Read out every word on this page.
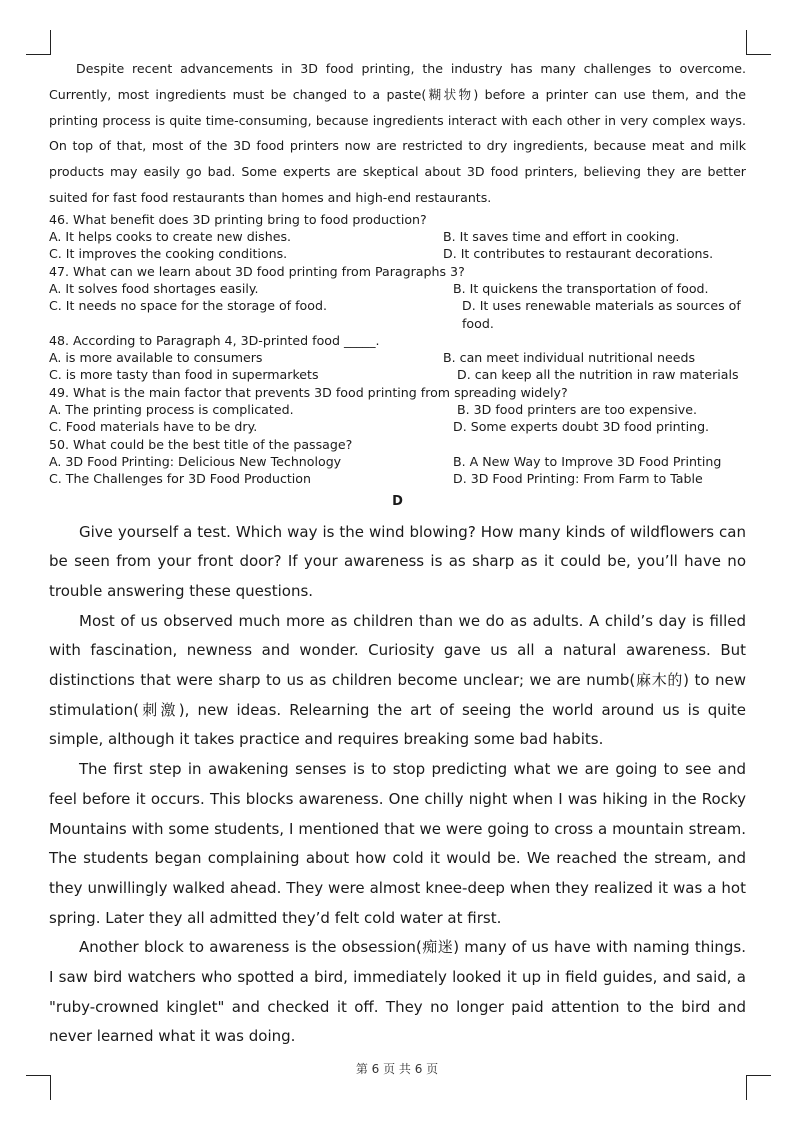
Despite recent advancements in 3D food printing, the industry has many challenges to overcome. Currently, most ingredients must be changed to a paste(糊状物) before a printer can use them, and the printing process is quite time-consuming, because ingredients interact with each other in very complex ways. On top of that, most of the 3D food printers now are restricted to dry ingredients, because meat and milk products may easily go bad. Some experts are skeptical about 3D food printers, believing they are better suited for fast food restaurants than homes and high-end restaurants.

46. What benefit does 3D printing bring to food production?
A. It helps cooks to create new dishes.	B. It saves time and effort in cooking.
C. It improves the cooking conditions.	D. It contributes to restaurant decorations.
47. What can we learn about 3D food printing from Paragraphs 3?
A. It solves food shortages easily.	B. It quickens the transportation of food.
C. It needs no space for the storage of food.	D. It uses renewable materials as sources of food.
48. According to Paragraph 4, 3D-printed food _____.
A. is more available to consumers	B. can meet individual nutritional needs
C. is more tasty than food in supermarkets	D. can keep all the nutrition in raw materials
49. What is the main factor that prevents 3D food printing from spreading widely?
A. The printing process is complicated.	B. 3D food printers are too expensive.
C. Food materials have to be dry.	D. Some experts doubt 3D food printing.
50. What could be the best title of the passage?
A. 3D Food Printing: Delicious New Technology	B. A New Way to Improve 3D Food Printing
C. The Challenges for 3D Food Production	D. 3D Food Printing: From Farm to Table
D

Give yourself a test. Which way is the wind blowing? How many kinds of wildflowers can be seen from your front door? If your awareness is as sharp as it could be, you’ll have no trouble answering these questions.

Most of us observed much more as children than we do as adults. A child’s day is filled with fascination, newness and wonder. Curiosity gave us all a natural awareness. But distinctions that were sharp to us as children become unclear; we are numb(麻木的) to new stimulation(刺激), new ideas. Relearning the art of seeing the world around us is quite simple, although it takes practice and requires breaking some bad habits.

The first step in awakening senses is to stop predicting what we are going to see and feel before it occurs. This blocks awareness. One chilly night when I was hiking in the Rocky Mountains with some students, I mentioned that we were going to cross a mountain stream. The students began complaining about how cold it would be. We reached the stream, and they unwillingly walked ahead. They were almost knee-deep when they realized it was a hot spring. Later they all admitted they’d felt cold water at first.

Another block to awareness is the obsession(痴迷) many of us have with naming things. I saw bird watchers who spotted a bird, immediately looked it up in field guides, and said, a "ruby-crowned kinglet" and checked it off. They no longer paid attention to the bird and never learned what it was doing.

第 6 页 共 6 页
